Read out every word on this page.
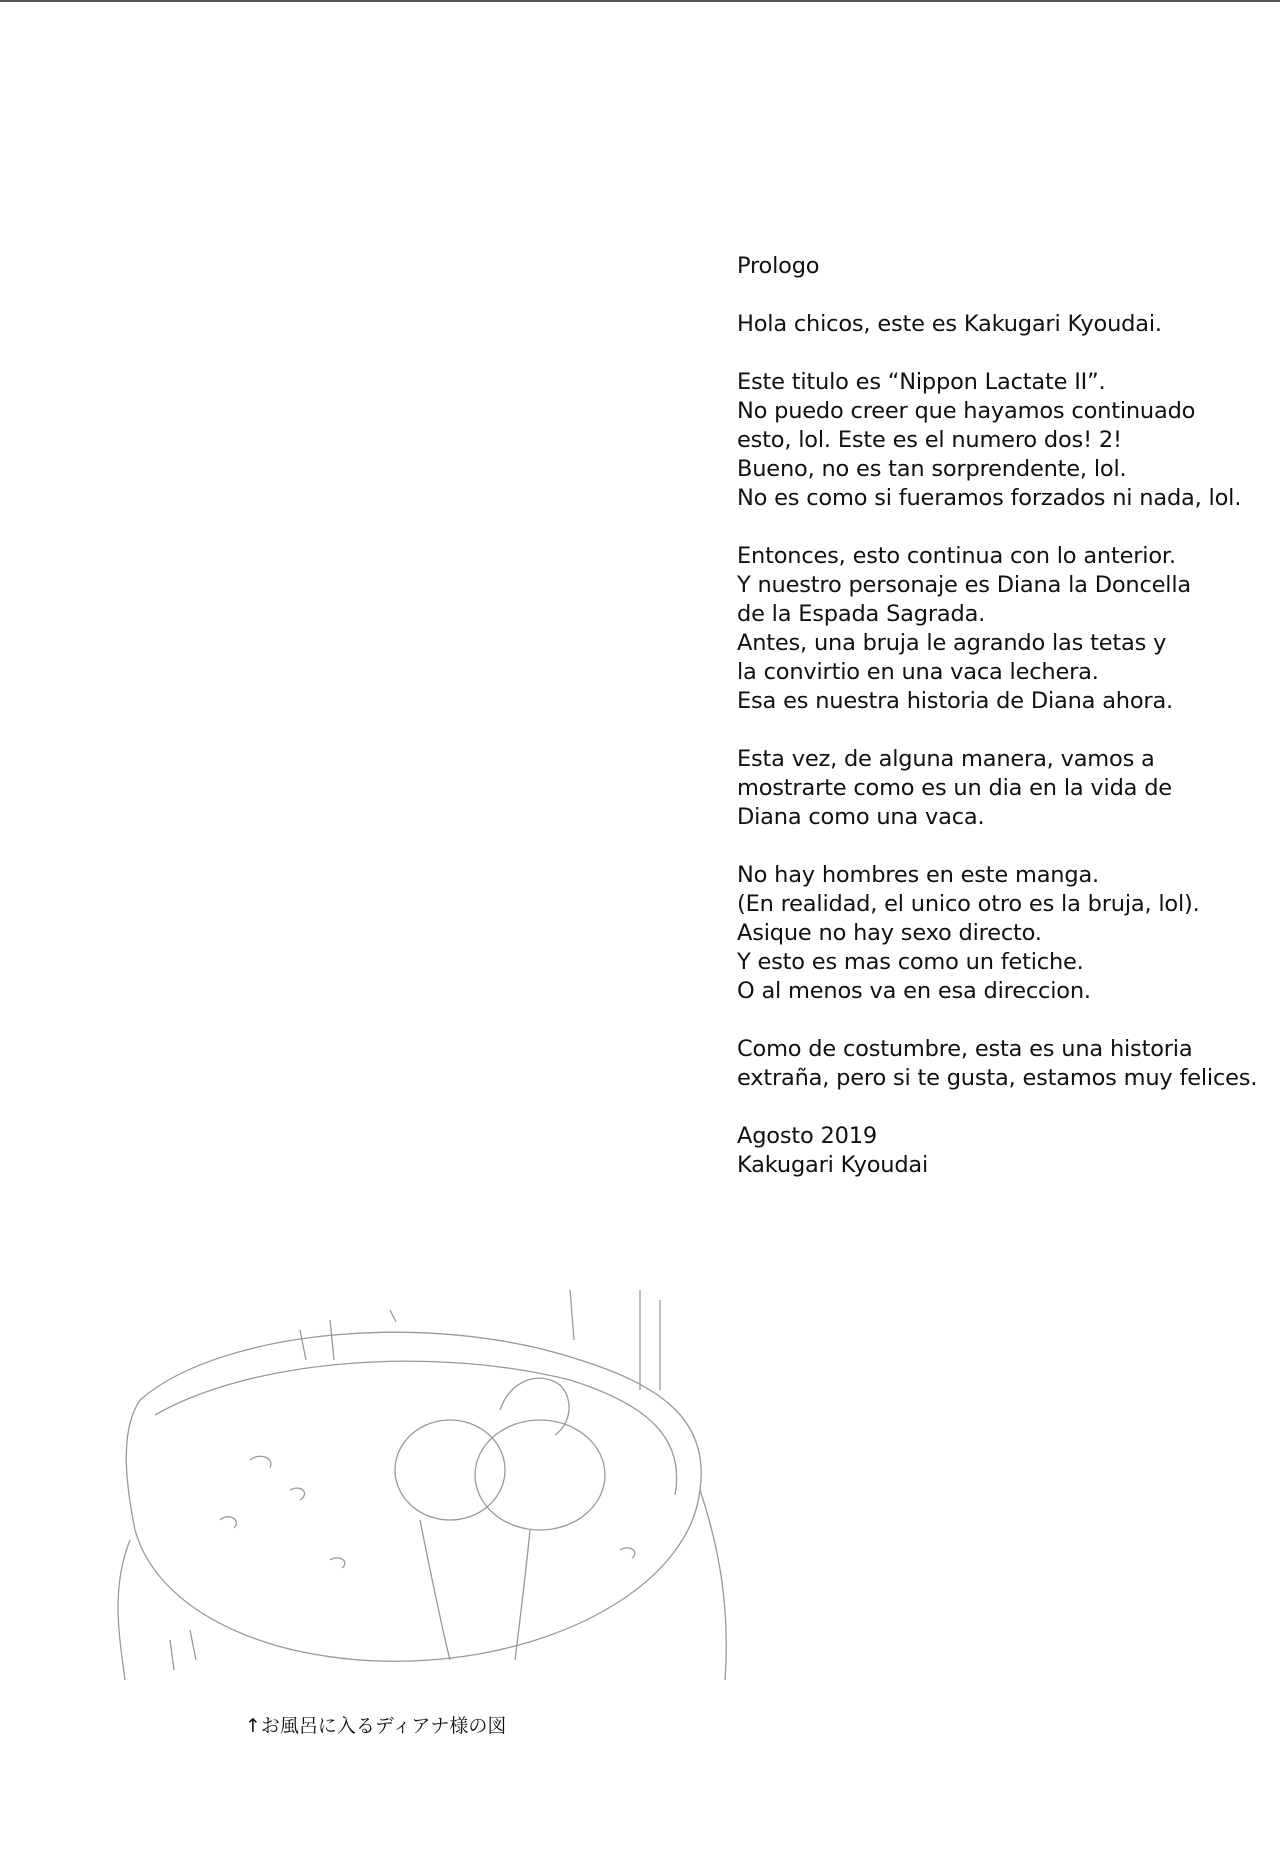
Prologo
Hola chicos, este es Kakugari Kyoudai.
Este titulo es “Nippon Lactate II”.
No puedo creer que hayamos continuado
esto, lol. Este es el numero dos! 2!
Bueno, no es tan sorprendente, lol.
No es como si fueramos forzados ni nada, lol.
Entonces, esto continua con lo anterior.
Y nuestro personaje es Diana la Doncella
de la Espada Sagrada.
Antes, una bruja le agrando las tetas y
la convirtio en una vaca lechera.
Esa es nuestra historia de Diana ahora.
Esta vez, de alguna manera, vamos a
mostrarte como es un dia en la vida de
Diana como una vaca.
No hay hombres en este manga.
(En realidad, el unico otro es la bruja, lol).
Asique no hay sexo directo.
Y esto es mas como un fetiche.
O al menos va en esa direccion.
Como de costumbre, esta es una historia
extraña, pero si te gusta, estamos muy felices.
Agosto 2019
Kakugari Kyoudai
↑お風呂に入るディアナ様の図
